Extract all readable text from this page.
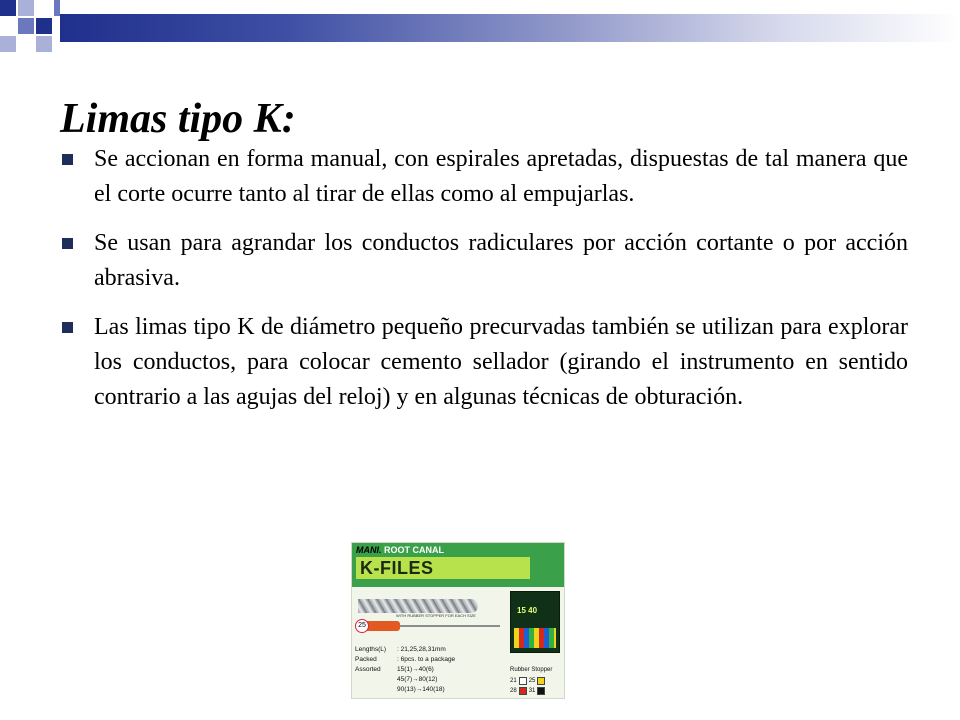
Limas tipo K:
Se accionan en forma manual, con espirales apretadas, dispuestas de tal manera que el corte ocurre tanto al tirar de ellas como al empujarlas.
Se usan para agrandar los conductos radiculares por acción cortante o por acción abrasiva.
Las limas tipo K de diámetro pequeño precurvadas también se utilizan para explorar los conductos, para colocar cemento sellador (girando el instrumento en sentido contrario a las agujas del reloj) y en algunas técnicas de obturación.
MANI. ROOT CANAL
K-FILES
WITH RUBBER STOPPER FOR EACH SIZE
25
Lengths(L)	: 21,25,28,31mm
Packed	: 6pcs. to a package
Assorted	15(1)→40(6)
45(7)→80(12)
90(13)→140(18)
15 40
Rubber Stopper
21 25
28 31
